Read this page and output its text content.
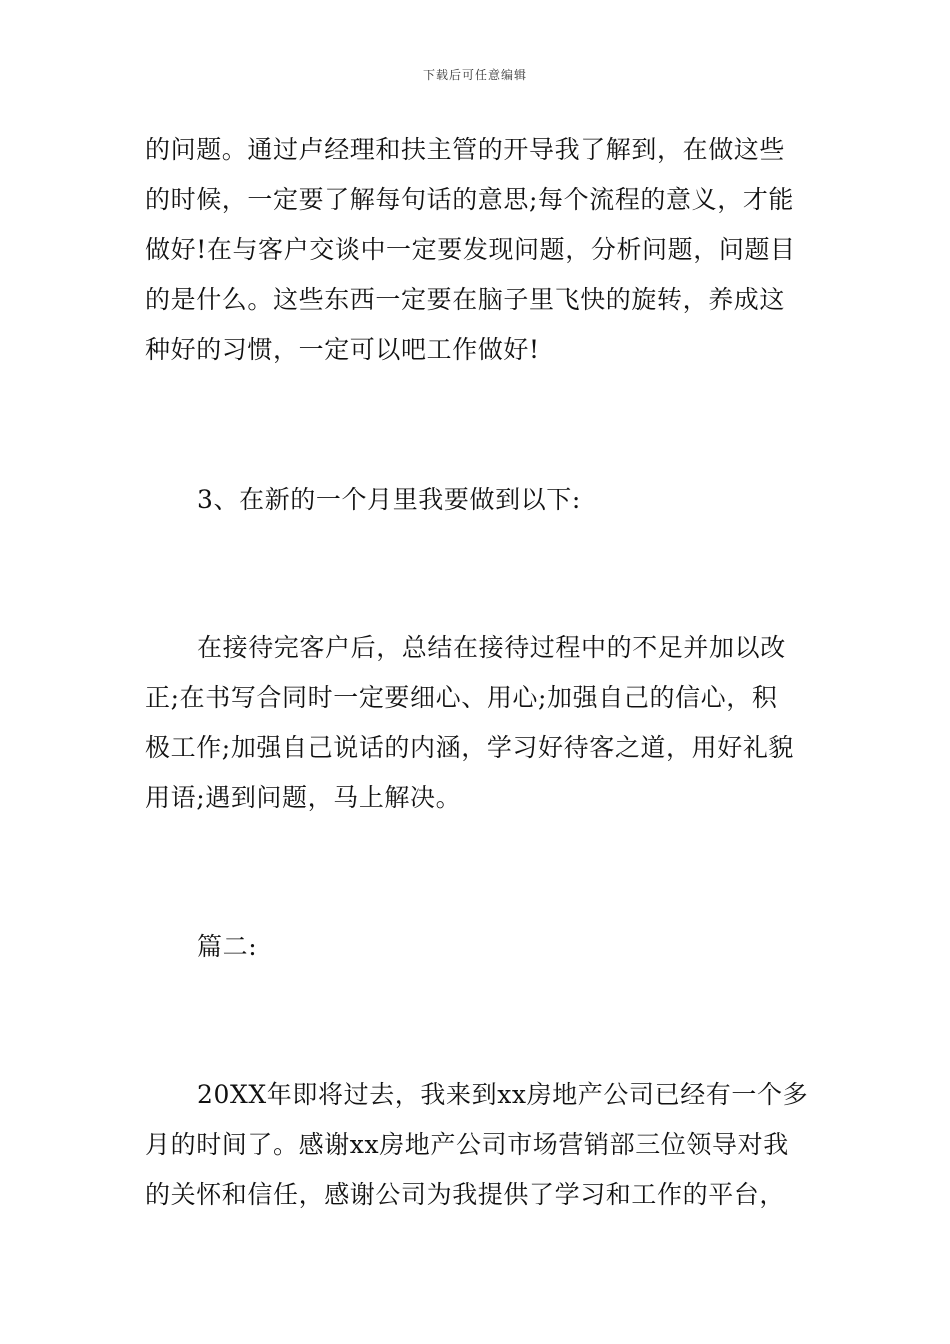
下载后可任意编辑
的问题。通过卢经理和扶主管的开导我了解到，在做这些
的时候，一定要了解每句话的意思;每个流程的意义，才能
做好!在与客户交谈中一定要发现问题，分析问题，问题目
的是什么。这些东西一定要在脑子里飞快的旋转，养成这
种好的习惯，一定可以吧工作做好!
3、在新的一个月里我要做到以下:
在接待完客户后，总结在接待过程中的不足并加以改
正;在书写合同时一定要细心、用心;加强自己的信心，积
极工作;加强自己说话的内涵，学习好待客之道，用好礼貌
用语;遇到问题，马上解决。
篇二:
20XX年即将过去，我来到xx房地产公司已经有一个多
月的时间了。感谢xx房地产公司市场营销部三位领导对我
的关怀和信任，感谢公司为我提供了学习和工作的平台，
